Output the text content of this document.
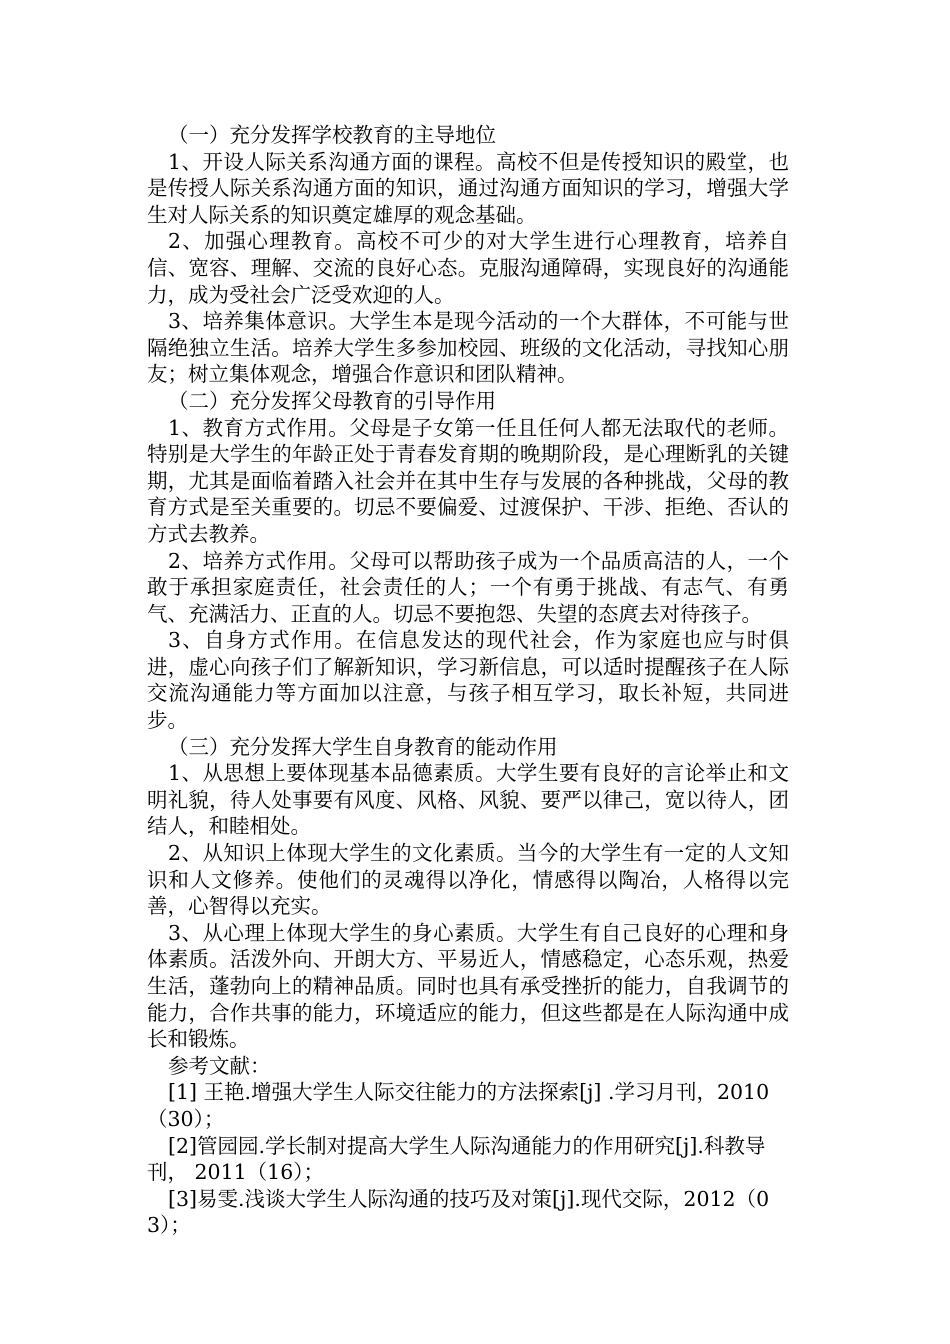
（一）充分发挥学校教育的主导地位

1、开设人际关系沟通方面的课程。高校不但是传授知识的殿堂，也是传授人际关系沟通方面的知识，通过沟通方面知识的学习，增强大学生对人际关系的知识奠定雄厚的观念基础。

2、加强心理教育。高校不可少的对大学生进行心理教育，培养自信、宽容、理解、交流的良好心态。克服沟通障碍，实现良好的沟通能力，成为受社会广泛受欢迎的人。

3、培养集体意识。大学生本是现今活动的一个大群体，不可能与世隔绝独立生活。培养大学生多参加校园、班级的文化活动，寻找知心朋友；树立集体观念，增强合作意识和团队精神。

（二）充分发挥父母教育的引导作用

1、教育方式作用。父母是子女第一任且任何人都无法取代的老师。特别是大学生的年龄正处于青春发育期的晚期阶段，是心理断乳的关键期，尤其是面临着踏入社会并在其中生存与发展的各种挑战，父母的教育方式是至关重要的。切忌不要偏爱、过渡保护、干涉、拒绝、否认的方式去教养。

2、培养方式作用。父母可以帮助孩子成为一个品质高洁的人，一个敢于承担家庭责任，社会责任的人；一个有勇于挑战、有志气、有勇气、充满活力、正直的人。切忌不要抱怨、失望的态庹去对待孩子。

3、自身方式作用。在信息发达的现代社会，作为家庭也应与时俱进，虚心向孩子们了解新知识，学习新信息，可以适时提醒孩子在人际交流沟通能力等方面加以注意，与孩子相互学习，取长补短，共同进步。

（三）充分发挥大学生自身教育的能动作用

1、从思想上要体现基本品德素质。大学生要有良好的言论举止和文明礼貌，待人处事要有风度、风格、风貌、要严以律己，宽以待人，团结人，和睦相处。

2、从知识上体现大学生的文化素质。当今的大学生有一定的人文知识和人文修养。使他们的灵魂得以净化，情感得以陶冶，人格得以完善，心智得以充实。

3、从心理上体现大学生的身心素质。大学生有自己良好的心理和身体素质。活泼外向、开朗大方、平易近人，情感稳定，心态乐观，热爱生活，蓬勃向上的精神品质。同时也具有承受挫折的能力，自我调节的能力，合作共事的能力，环境适应的能力，但这些都是在人际沟通中成长和锻炼。

参考文献：

[1] 王艳.增强大学生人际交往能力的方法探索[j] .学习月刊，2010（30）；

[2]管园园.学长制对提高大学生人际沟通能力的作用研究[j].科教导刊， 2011（16）；

[3]易雯.浅谈大学生人际沟通的技巧及对策[j].现代交际，2012（03）；
